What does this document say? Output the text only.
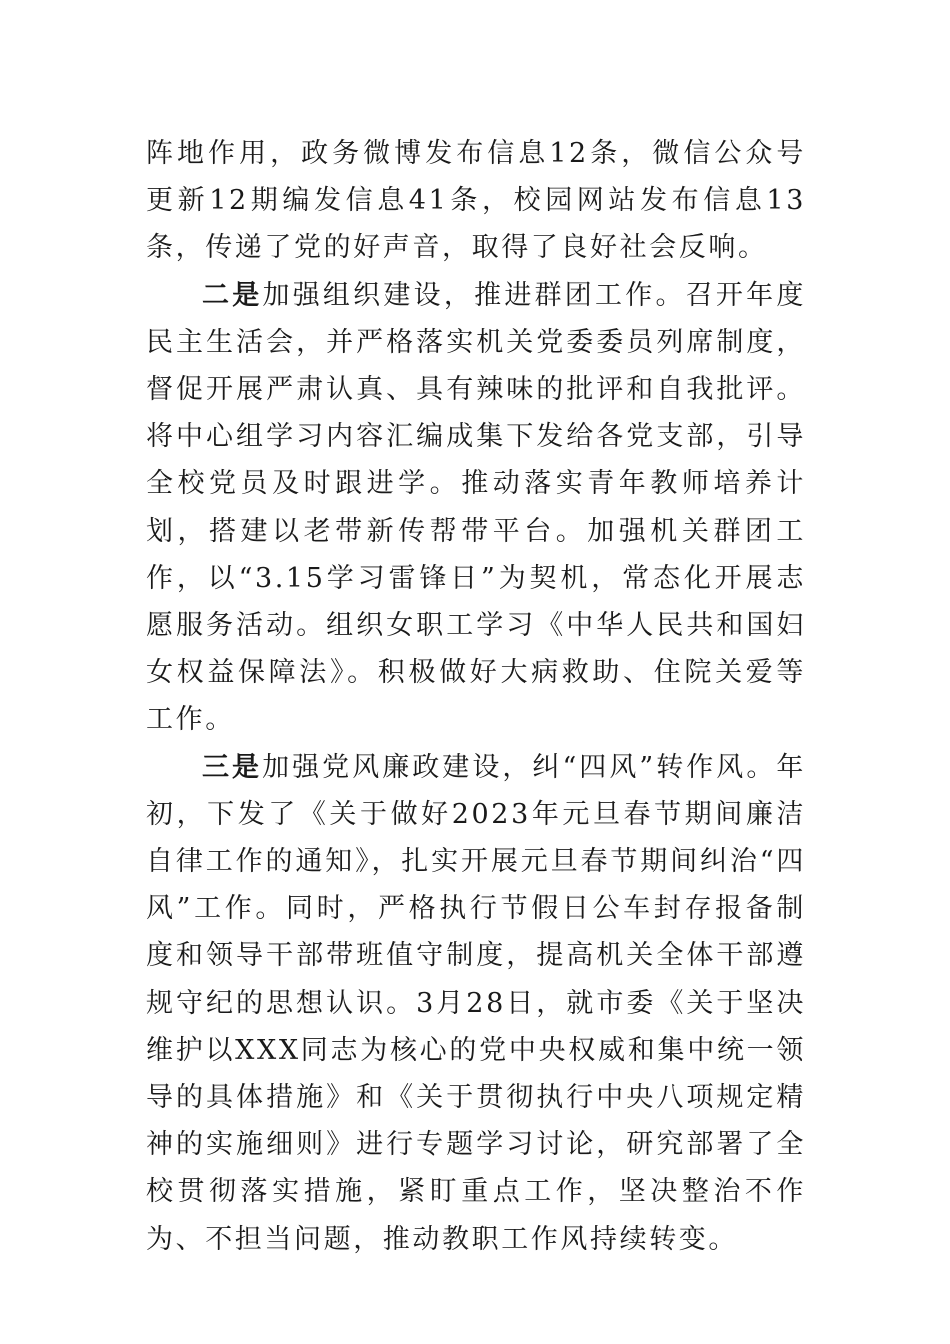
阵地作用，政务微博发布信息12条，微信公众号更新12期编发信息41条，校园网站发布信息13条，传递了党的好声音，取得了良好社会反响。

二是加强组织建设，推进群团工作。召开年度民主生活会，并严格落实机关党委委员列席制度，督促开展严肃认真、具有辣味的批评和自我批评。将中心组学习内容汇编成集下发给各党支部，引导全校党员及时跟进学。推动落实青年教师培养计划，搭建以老带新传帮带平台。加强机关群团工作，以“3.15学习雷锋日”为契机，常态化开展志愿服务活动。组织女职工学习《中华人民共和国妇女权益保障法》。积极做好大病救助、住院关爱等工作。

三是加强党风廉政建设，纠“四风”转作风。年初，下发了《关于做好2023年元旦春节期间廉洁自律工作的通知》，扎实开展元旦春节期间纠治“四风”工作。同时，严格执行节假日公车封存报备制度和领导干部带班值守制度，提高机关全体干部遵规守纪的思想认识。3月28日，就市委《关于坚决维护以XXX同志为核心的党中央权威和集中统一领导的具体措施》和《关于贯彻执行中央八项规定精神的实施细则》进行专题学习讨论，研究部署了全校贯彻落实措施，紧盯重点工作，坚决整治不作为、不担当问题，推动教职工作风持续转变。
